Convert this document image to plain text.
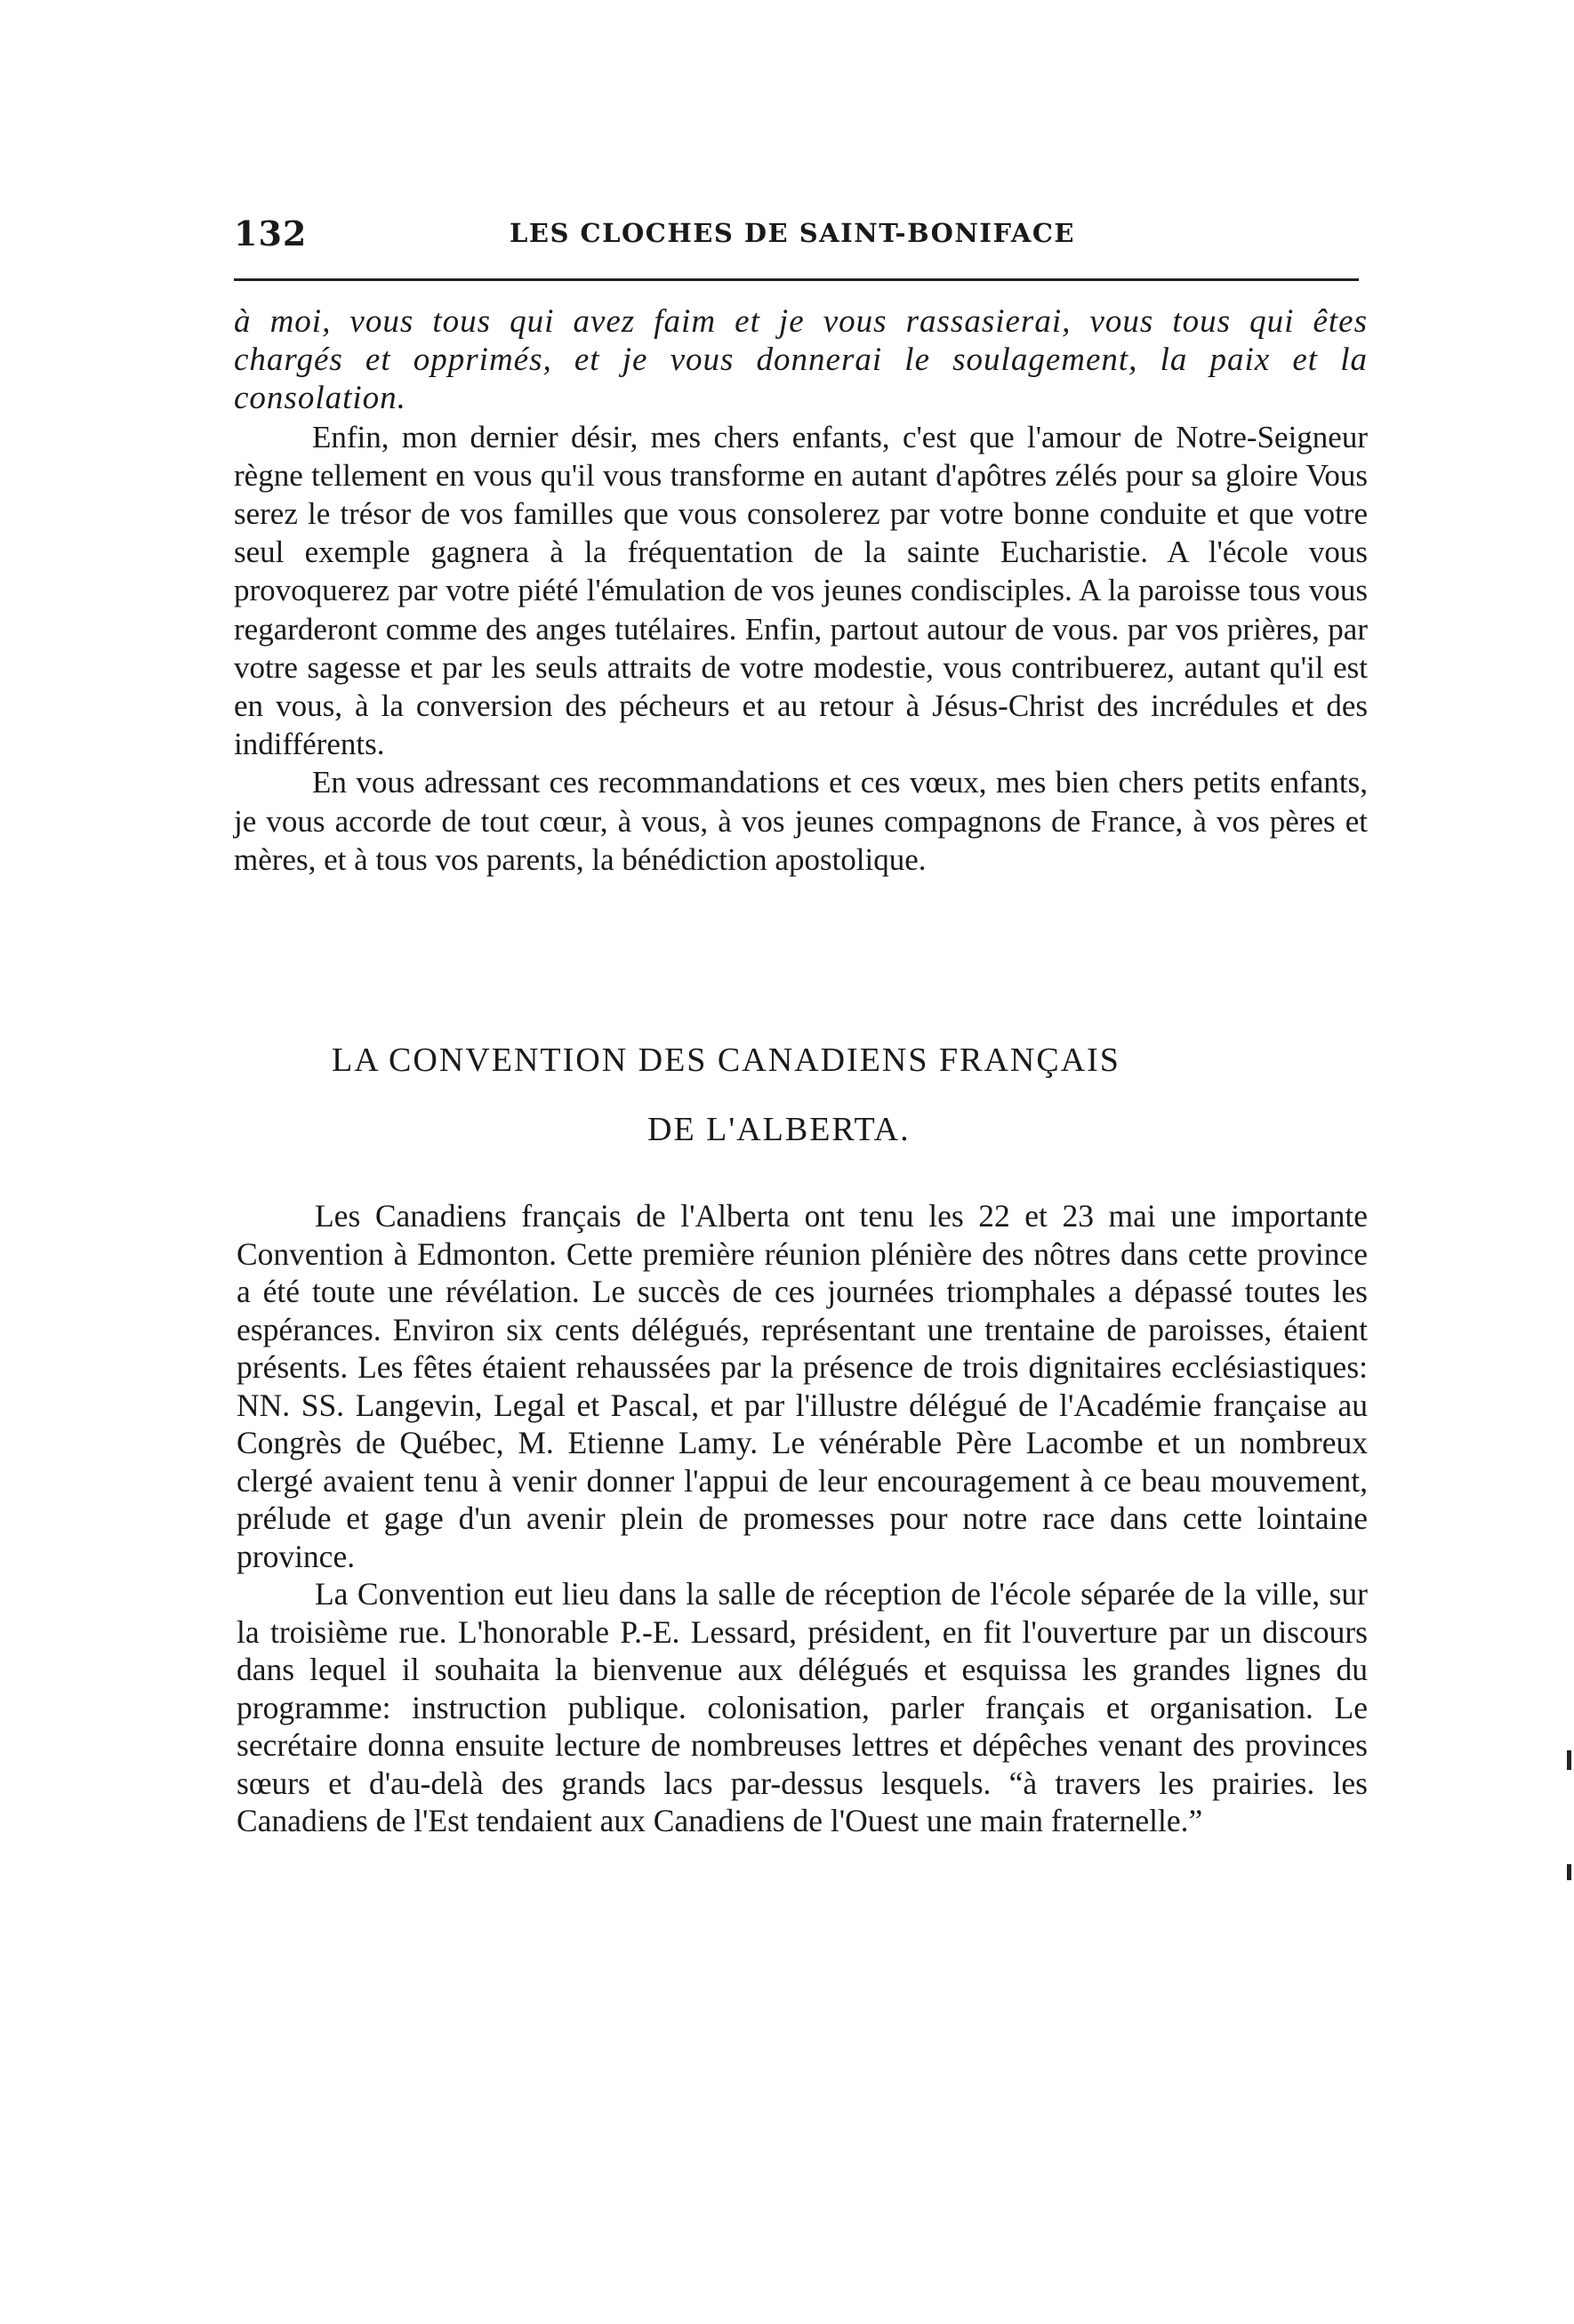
132	LES CLOCHES DE SAINT-BONIFACE

à moi, vous tous qui avez faim et je vous rassasierai, vous tous qui êtes chargés et opprimés, et je vous donnerai le soulagement, la paix et la consolation.

Enfin, mon dernier désir, mes chers enfants, c'est que l'amour de Notre-Seigneur règne tellement en vous qu'il vous transforme en autant d'apôtres zélés pour sa gloire Vous serez le trésor de vos familles que vous consolerez par votre bonne conduite et que votre seul exemple gagnera à la fréquentation de la sainte Eucharistie. A l'école vous provoquerez par votre piété l'émulation de vos jeunes condisciples. A la paroisse tous vous regarderont comme des anges tutélaires. Enfin, partout autour de vous. par vos prières, par votre sagesse et par les seuls attraits de votre modestie, vous contribuerez, autant qu'il est en vous, à la conversion des pécheurs et au retour à Jésus-Christ des incrédules et des indifférents.

En vous adressant ces recommandations et ces vœux, mes bien chers petits enfants, je vous accorde de tout cœur, à vous, à vos jeunes compagnons de France, à vos pères et mères, et à tous vos parents, la bénédiction apostolique.

LA CONVENTION DES CANADIENS FRANÇAIS
DE L'ALBERTA.

Les Canadiens français de l'Alberta ont tenu les 22 et 23 mai une importante Convention à Edmonton. Cette première réunion plénière des nôtres dans cette province a été toute une révélation. Le succès de ces journées triomphales a dépassé toutes les espérances. Environ six cents délégués, représentant une trentaine de paroisses, étaient présents. Les fêtes étaient rehaussées par la présence de trois dignitaires ecclésiastiques: NN. SS. Langevin, Legal et Pascal, et par l'illustre délégué de l'Académie française au Congrès de Québec, M. Etienne Lamy. Le vénérable Père Lacombe et un nombreux clergé avaient tenu à venir donner l'appui de leur encouragement à ce beau mouvement, prélude et gage d'un avenir plein de promesses pour notre race dans cette lointaine province.

La Convention eut lieu dans la salle de réception de l'école séparée de la ville, sur la troisième rue. L'honorable P.-E. Lessard, président, en fit l'ouverture par un discours dans lequel il souhaita la bienvenue aux délégués et esquissa les grandes lignes du programme: instruction publique. colonisation, parler français et organisation. Le secrétaire donna ensuite lecture de nombreuses lettres et dépêches venant des provinces sœurs et d'au-delà des grands lacs par-dessus lesquels. “à travers les prairies. les Canadiens de l'Est tendaient aux Canadiens de l'Ouest une main fraternelle.”
